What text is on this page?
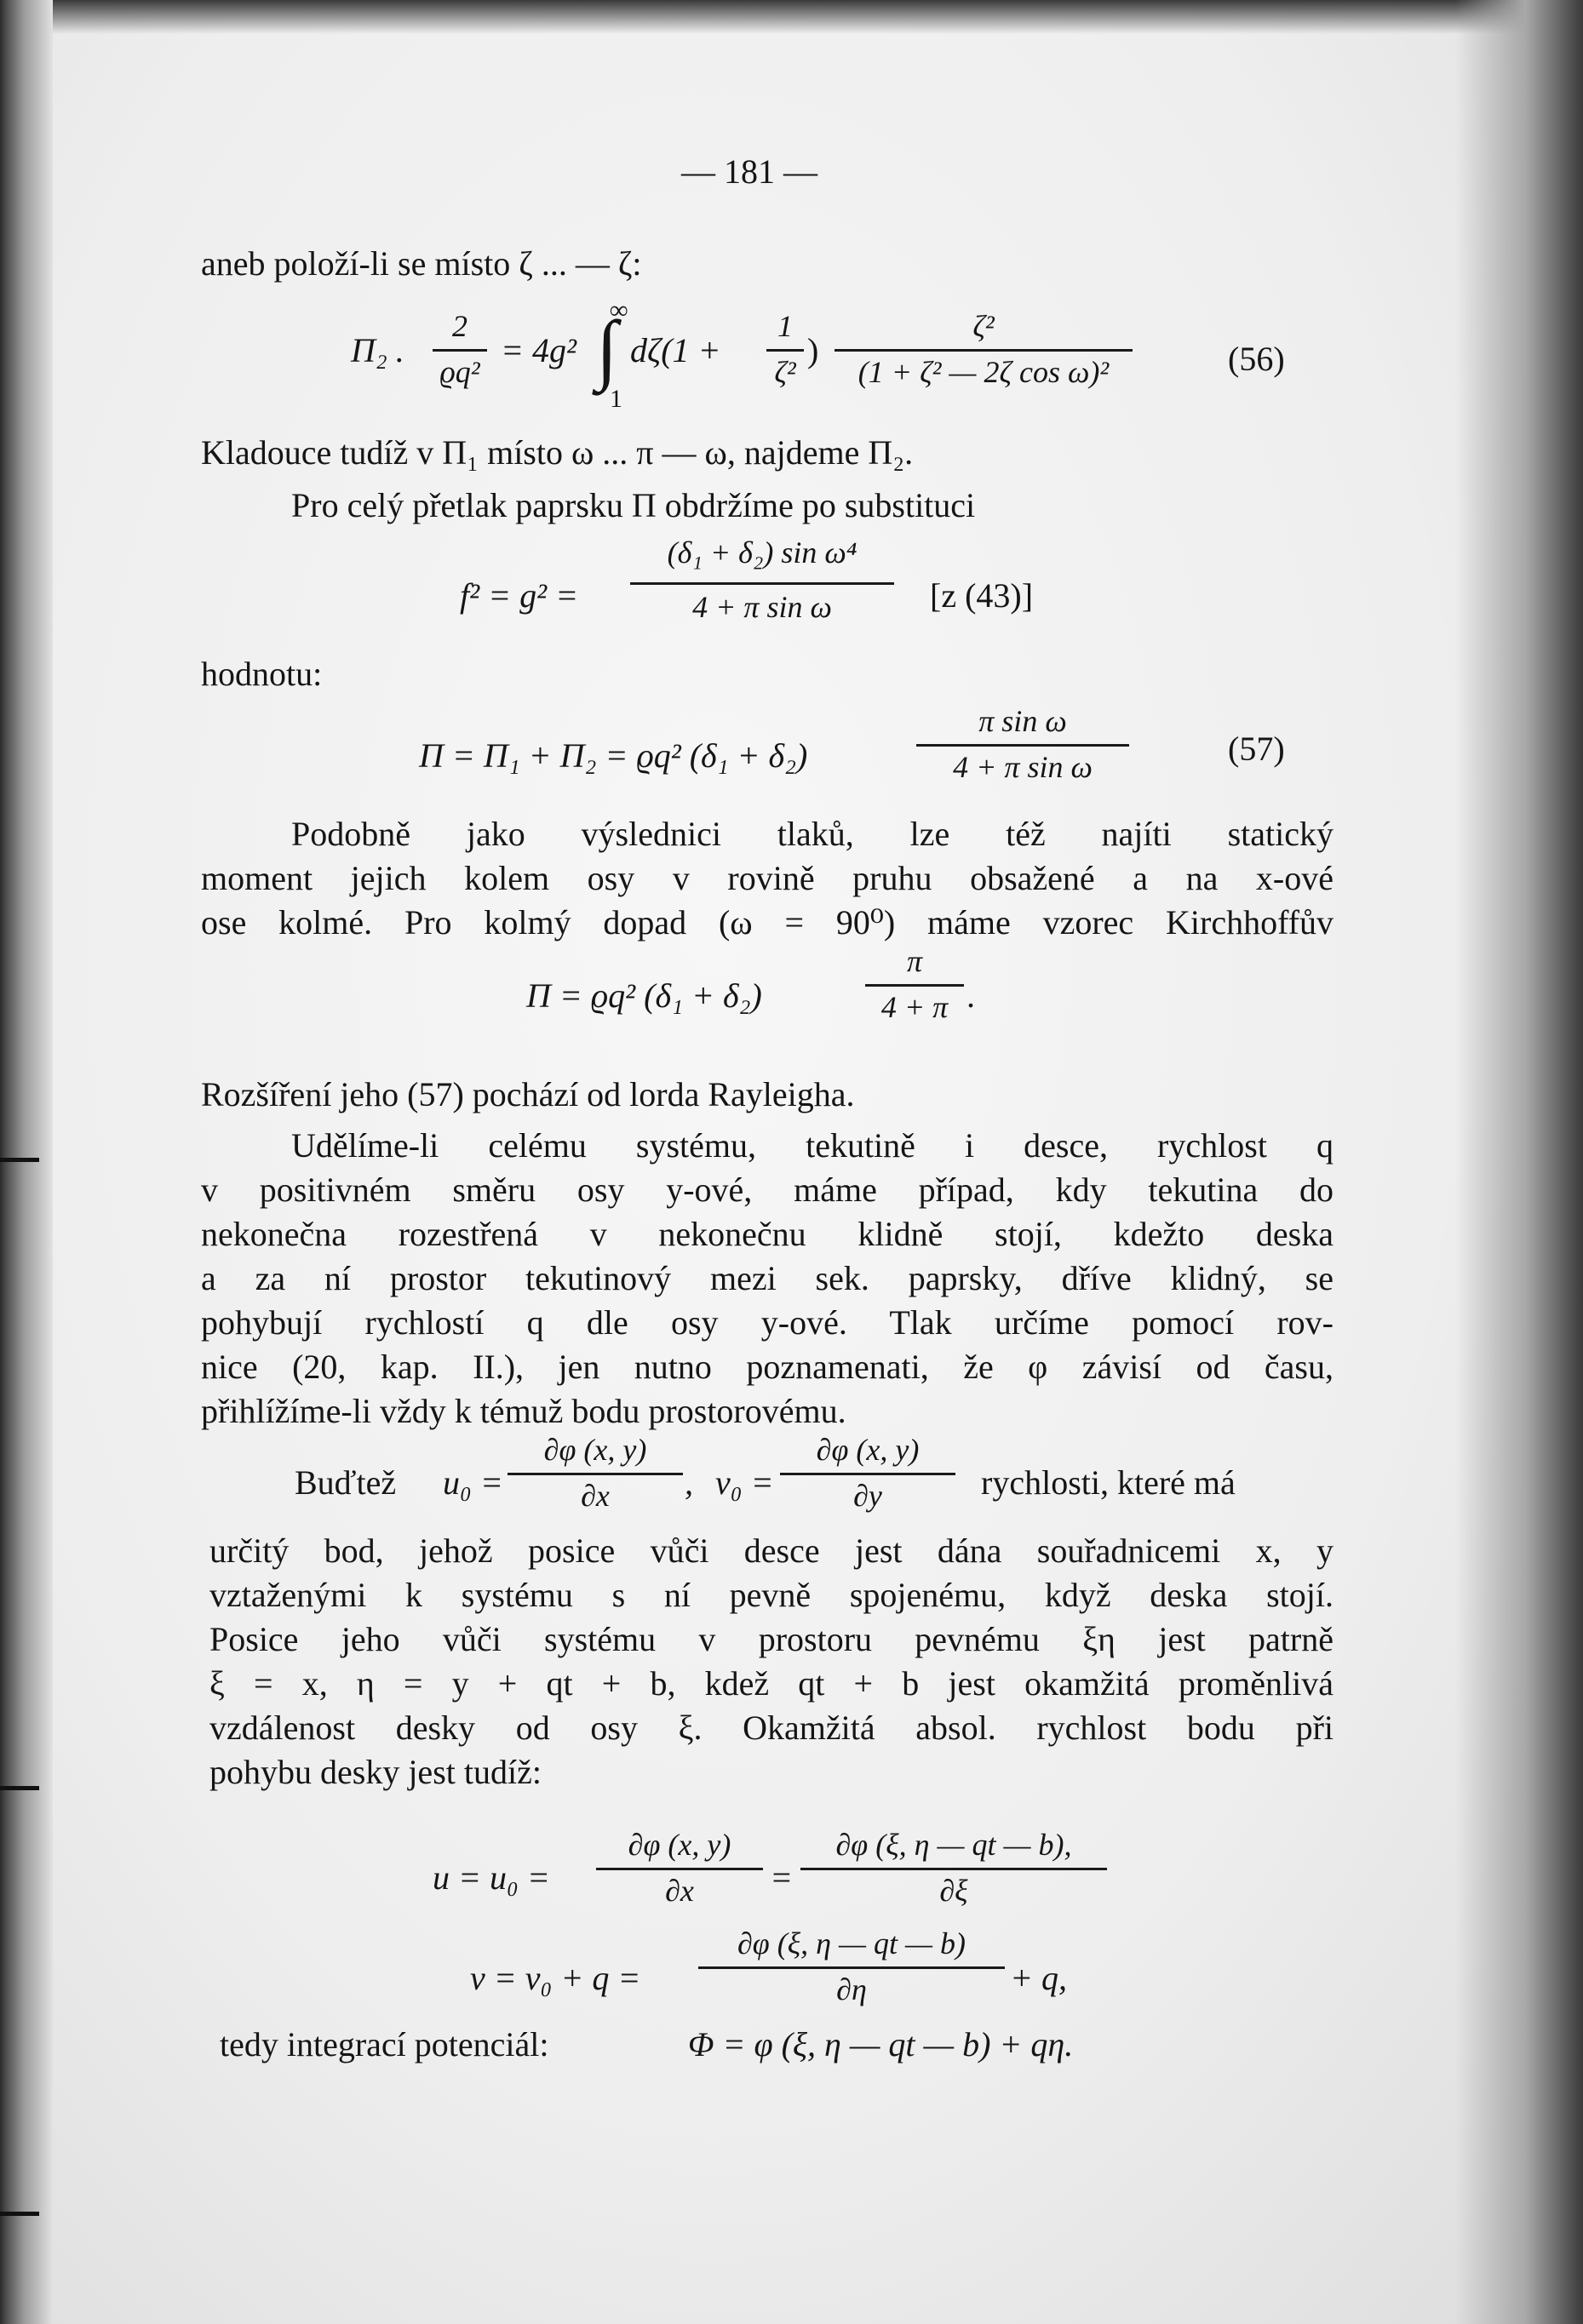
— 181 —
aneb položí-li se místo ζ ... — ζ:
Π₂ .
2
ϱq²
= 4g²
∞
∫
1
dζ(1 +
1
ζ²
)
ζ²
(1 + ζ² — 2ζ cos ω)²	(56)
Kladouce tudíž v Π₁ místo ω ... π — ω, najdeme Π₂.
Pro celý přetlak paprsku Π obdržíme po substituci
f² = g² =
(δ₁ + δ₂) sin ω⁴
4 + π sin ω	[z (43)]
hodnotu:
Π = Π₁ + Π₂ = ϱq² (δ₁ + δ₂)
π sin ω
4 + π sin ω	(57)
Podobně jako výslednici tlaků, lze též najíti statický
moment jejich kolem osy v rovině pruhu obsažené a na x-ové
ose kolmé. Pro kolmý dopad (ω = 90⁰) máme vzorec Kirchhoffův
Π = ϱq² (δ₁ + δ₂)
π
4 + π .
Rozšíření jeho (57) pochází od lorda Rayleigha.
Udělíme-li celému systému, tekutině i desce, rychlost q
v positivném směru osy y-ové, máme případ, kdy tekutina do
nekonečna rozestřená v nekonečnu klidně stojí, kdežto deska
a za ní prostor tekutinový mezi sek. paprsky, dříve klidný, se
pohybují rychlostí q dle osy y-ové. Tlak určíme pomocí rov-
nice (20, kap. II.), jen nutno poznamenati, že φ závisí od času,
přihlížíme-li vždy k témuž bodu prostorovému.
Buďtež u₀ =
∂φ (x, y)
∂x	, v₀ =
∂φ (x, y)
∂y	rychlosti, které má
určitý bod, jehož posice vůči desce jest dána souřadnicemi x, y
vztaženými k systému s ní pevně spojenému, když deska stojí.
Posice jeho vůči systému v prostoru pevnému ξη jest patrně
ξ = x, η = y + qt + b, kdež qt + b jest okamžitá proměnlivá
vzdálenost desky od osy ξ. Okamžitá absol. rychlost bodu při
pohybu desky jest tudíž:
u = u₀ =
∂φ (x, y)
∂x	=
∂φ (ξ, η — qt — b),
∂ξ
v = v₀ + q =
∂φ (ξ, η — qt — b)
∂η	+ q,
tedy integrací potenciál:	Φ = φ (ξ, η — qt — b) + qη.
